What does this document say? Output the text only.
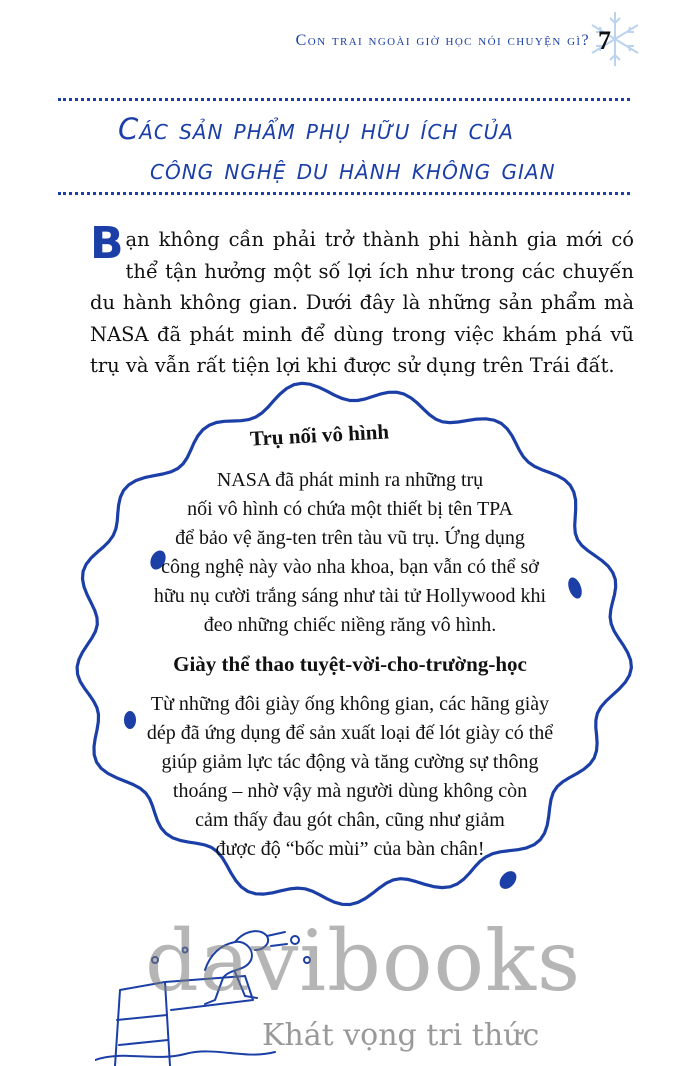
Con trai ngoài giờ học nói chuyện gì? 7
Các sản phẩm phụ hữu ích của
công nghệ du hành không gian

Bạn không cần phải trở thành phi hành gia mới có thể tận hưởng một số lợi ích như trong các chuyến du hành không gian. Dưới đây là những sản phẩm mà NASA đã phát minh để dùng trong việc khám phá vũ trụ và vẫn rất tiện lợi khi được sử dụng trên Trái đất.

Trụ nối vô hình
NASA đã phát minh ra những trụ
nối vô hình có chứa một thiết bị tên TPA
để bảo vệ ăng-ten trên tàu vũ trụ. Ứng dụng
công nghệ này vào nha khoa, bạn vẫn có thể sở
hữu nụ cười trắng sáng như tài tử Hollywood khi
đeo những chiếc niềng răng vô hình.
Giày thể thao tuyệt-vời-cho-trường-học
Từ những đôi giày ống không gian, các hãng giày
dép đã ứng dụng để sản xuất loại đế lót giày có thể
giúp giảm lực tác động và tăng cường sự thông
thoáng – nhờ vậy mà người dùng không còn
cảm thấy đau gót chân, cũng như giảm
được độ “bốc mùi” của bàn chân!
davibooks
Khát vọng tri thức
